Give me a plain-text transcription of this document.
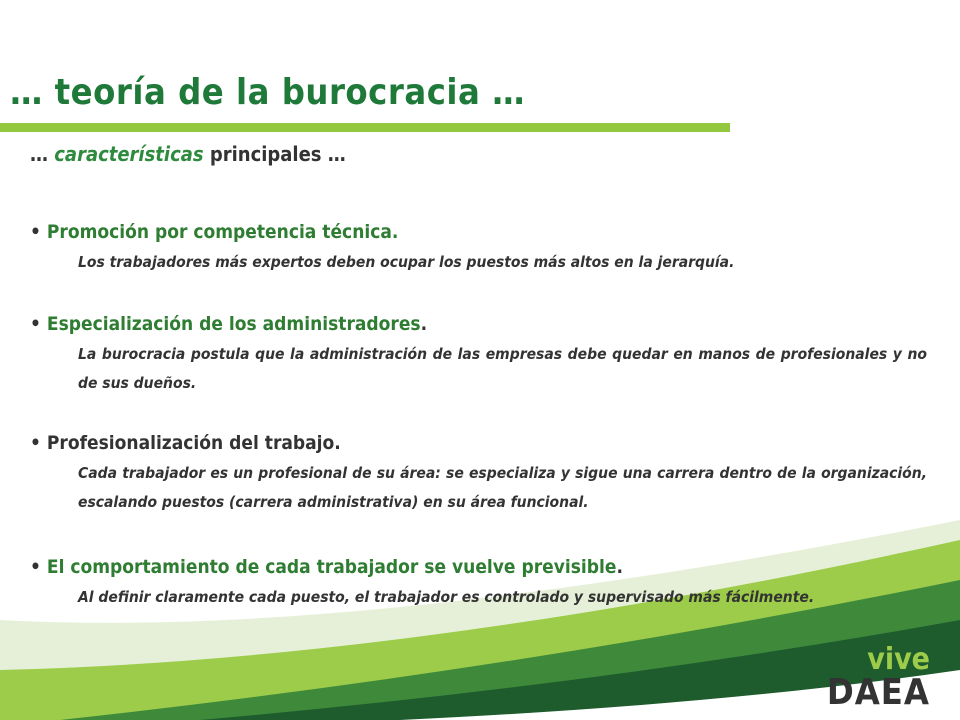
… teoría de la burocracia …
… características principales …
• Promoción por competencia técnica.
Los trabajadores más expertos deben ocupar los puestos más altos en la jerarquía.
• Especialización de los administradores.
La burocracia postula que la administración de las empresas debe quedar en manos de profesionales y no de sus dueños.
• Profesionalización del trabajo.
Cada trabajador es un profesional de su área: se especializa y sigue una carrera dentro de la organización, escalando puestos (carrera administrativa) en su área funcional.
• El comportamiento de cada trabajador se vuelve previsible.
Al definir claramente cada puesto, el trabajador es controlado y supervisado más fácilmente.
vive
DAEA
